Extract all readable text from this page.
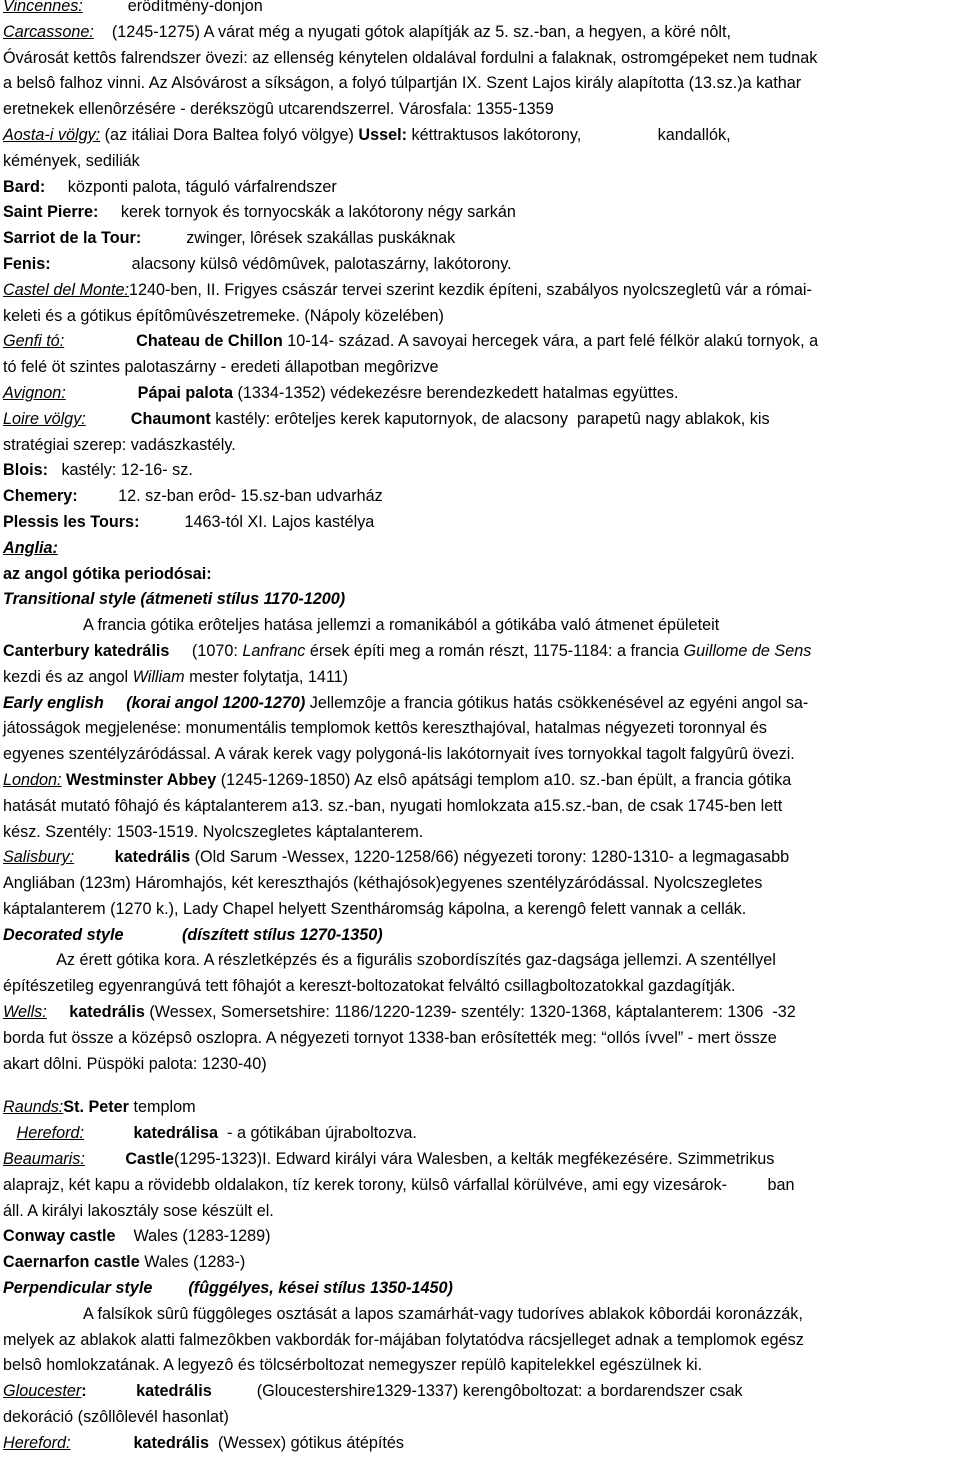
Vincennes:          erôdítmény-donjon
Carcassone:    (1245-1275) A várat még a nyugati gótok alapítják az 5. sz.-ban, a hegyen, a köré nôlt,
Óvárosát kettôs falrendszer övezi: az ellenség kénytelen oldalával fordulni a falaknak, ostromgépeket nem tudnak
a belsô falhoz vinni. Az Alsóvárost a síkságon, a folyó túlpartján IX. Szent Lajos király alapította (13.sz.)a kathar
eretnekek ellenôrzésére - derékszögû utcarendszerrel. Városfala: 1355-1359
Aosta-i völgy: (az itáliai Dora Baltea folyó völgye) Ussel: kéttraktusos lakótorony,                 kandallók,
kémények, sediliák
Bard:     központi palota, táguló várfalrendszer
Saint Pierre:     kerek tornyok és tornyocskák a lakótorony négy sarkán
Sarriot de la Tour:          zwinger, lôrések szakállas puskáknak
Fenis:                  alacsony külsô védômûvek, palotaszárny, lakótorony.
Castel del Monte:1240-ben, II. Frigyes császár tervei szerint kezdik építeni, szabályos nyolcszegletû vár a római-
keleti és a gótikus építômûvészetremeke. (Nápoly közelében)
Genfi tó:	Chateau de Chillon 10-14- század. A savoyai hercegek vára, a part felé félkör alakú tornyok, a
tó felé öt szintes palotaszárny - eredeti állapotban megôrizve
Avignon:	Pápai palota (1334-1352) védekezésre berendezkedett hatalmas együttes.
Loire völgy:	Chaumont kastély: erôteljes kerek kaputornyok, de alacsony  parapetû nagy ablakok, kis
stratégiai szerep: vadászkastély.
Blois:   kastély: 12-16- sz.
Chemery:         12. sz-ban erôd- 15.sz-ban udvarház
Plessis les Tours:          1463-tól XI. Lajos kastélya
Anglia:
az angol gótika periodósai:
Transitional style (átmeneti stílus 1170-1200)
A francia gótika erôteljes hatása jellemzi a romanikából a gótikába való átmenet épületeit
Canterbury katedrális     (1070: Lanfranc érsek építi meg a román részt, 1175-1184: a francia Guillome de Sens
kezdi és az angol William mester folytatja, 1411)
Early english (korai angol 1200-1270) Jellemzôje a francia gótikus hatás csökkenésével az egyéni angol sa-
játosságok megjelenése: monumentális templomok kettôs kereszthajóval, hatalmas négyezeti toronnyal és
egyenes szentélyzáródással. A várak kerek vagy polygoná-lis lakótornyait íves tornyokkal tagolt falgyûrû övezi.
London: Westminster Abbey (1245-1269-1850) Az elsô apátsági templom a10. sz.-ban épült, a francia gótika
hatását mutató fôhajó és káptalanterem a13. sz.-ban, nyugati homlokzata a15.sz.-ban, de csak 1745-ben lett
kész. Szentély: 1503-1519. Nyolcszegletes káptalanterem.
Salisbury: katedrális (Old Sarum -Wessex, 1220-1258/66) négyezeti torony: 1280-1310- a legmagasabb
Angliában (123m) Háromhajós, két kereszthajós (kéthajósok)egyenes szentélyzáródással. Nyolcszegletes
káptalanterem (1270 k.), Lady Chapel helyett Szentháromság kápolna, a kerengô felett vannak a cellák.
Decorated style	(díszített stílus 1270-1350)
Az érett gótika kora. A részletképzés és a figurális szobordíszítés gaz-dagsága jellemzi. A szentéllyel
építészetileg egyenrangúvá tett fôhajót a kereszt-boltozatokat felváltó csillagboltozatokkal gazdagítják.
Wells: katedrális (Wessex, Somersetshire: 1186/1220-1239- szentély: 1320-1368, káptalanterem: 1306  -32
borda fut össze a középsô oszlopra. A négyezeti tornyot 1338-ban erôsítették meg: “ollós ívvel” - mert össze
akart dôlni. Püspöki palota: 1230-40)
Raunds:St. Peter templom
Hereford:	katedrálisa  - a gótikában újraboltozva.
Beaumaris: Castle(1295-1323)I. Edward királyi vára Walesben, a kelták megfékezésére. Szimmetrikus
alaprajz, két kapu a rövidebb oldalakon, tíz kerek torony, külsô várfallal körülvéve, ami egy vizesárok-         ban
áll. A királyi lakosztály sose készült el.
Conway castle    Wales (1283-1289)
Caernarfon castle Wales (1283-)
Perpendicular style (fûggélyes, kései stílus 1350-1450)
A falsíkok sûrû függôleges osztását a lapos szamárhát-vagy tudoríves ablakok kôbordái koronázzák,
melyek az ablakok alatti falmezôkben vakbordák for-májában folytatódva rácsjelleget adnak a templomok egész
belsô homlokzatának. A legyezô és tölcsérboltozat nemegyszer repülô kapitelekkel egészülnek ki.
Gloucester:	katedrális          (Gloucestershire1329-1337) kerengôboltozat: a bordarendszer csak
dekoráció (szôllôlevél hasonlat)
Hereford:	katedrális  (Wessex) gótikus átépítés
